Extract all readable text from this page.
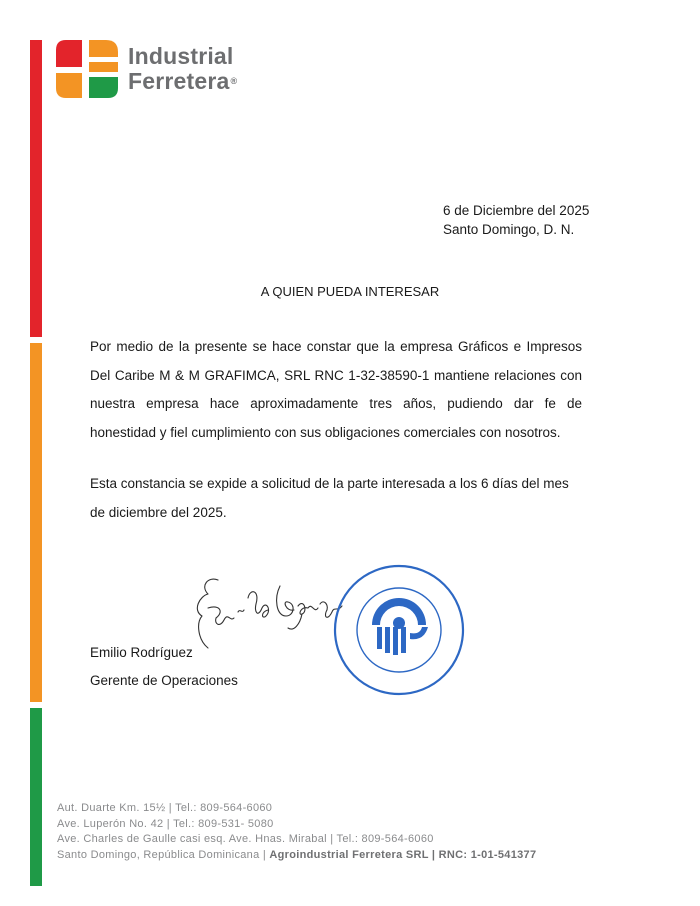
Industrial
Ferretera®
6 de Diciembre del 2025
Santo Domingo, D. N.
A QUIEN PUEDA INTERESAR
Por medio de la presente se hace constar que la empresa Gráficos e Impresos Del Caribe M & M GRAFIMCA, SRL RNC 1-32-38590-1 mantiene relaciones con nuestra empresa hace aproximadamente tres años, pudiendo dar fe de honestidad y fiel cumplimiento con sus obligaciones comerciales con nosotros.
Esta constancia se expide a solicitud de la parte interesada a los 6 días del mes de diciembre del 2025.
Emilio Rodríguez
Gerente de Operaciones
Aut. Duarte Km. 15½ | Tel.: 809-564-6060
Ave. Luperón No. 42 | Tel.: 809-531- 5080
Ave. Charles de Gaulle casi esq. Ave. Hnas. Mirabal | Tel.: 809-564-6060
Santo Domingo, República Dominicana | Agroindustrial Ferretera SRL | RNC: 1-01-541377
